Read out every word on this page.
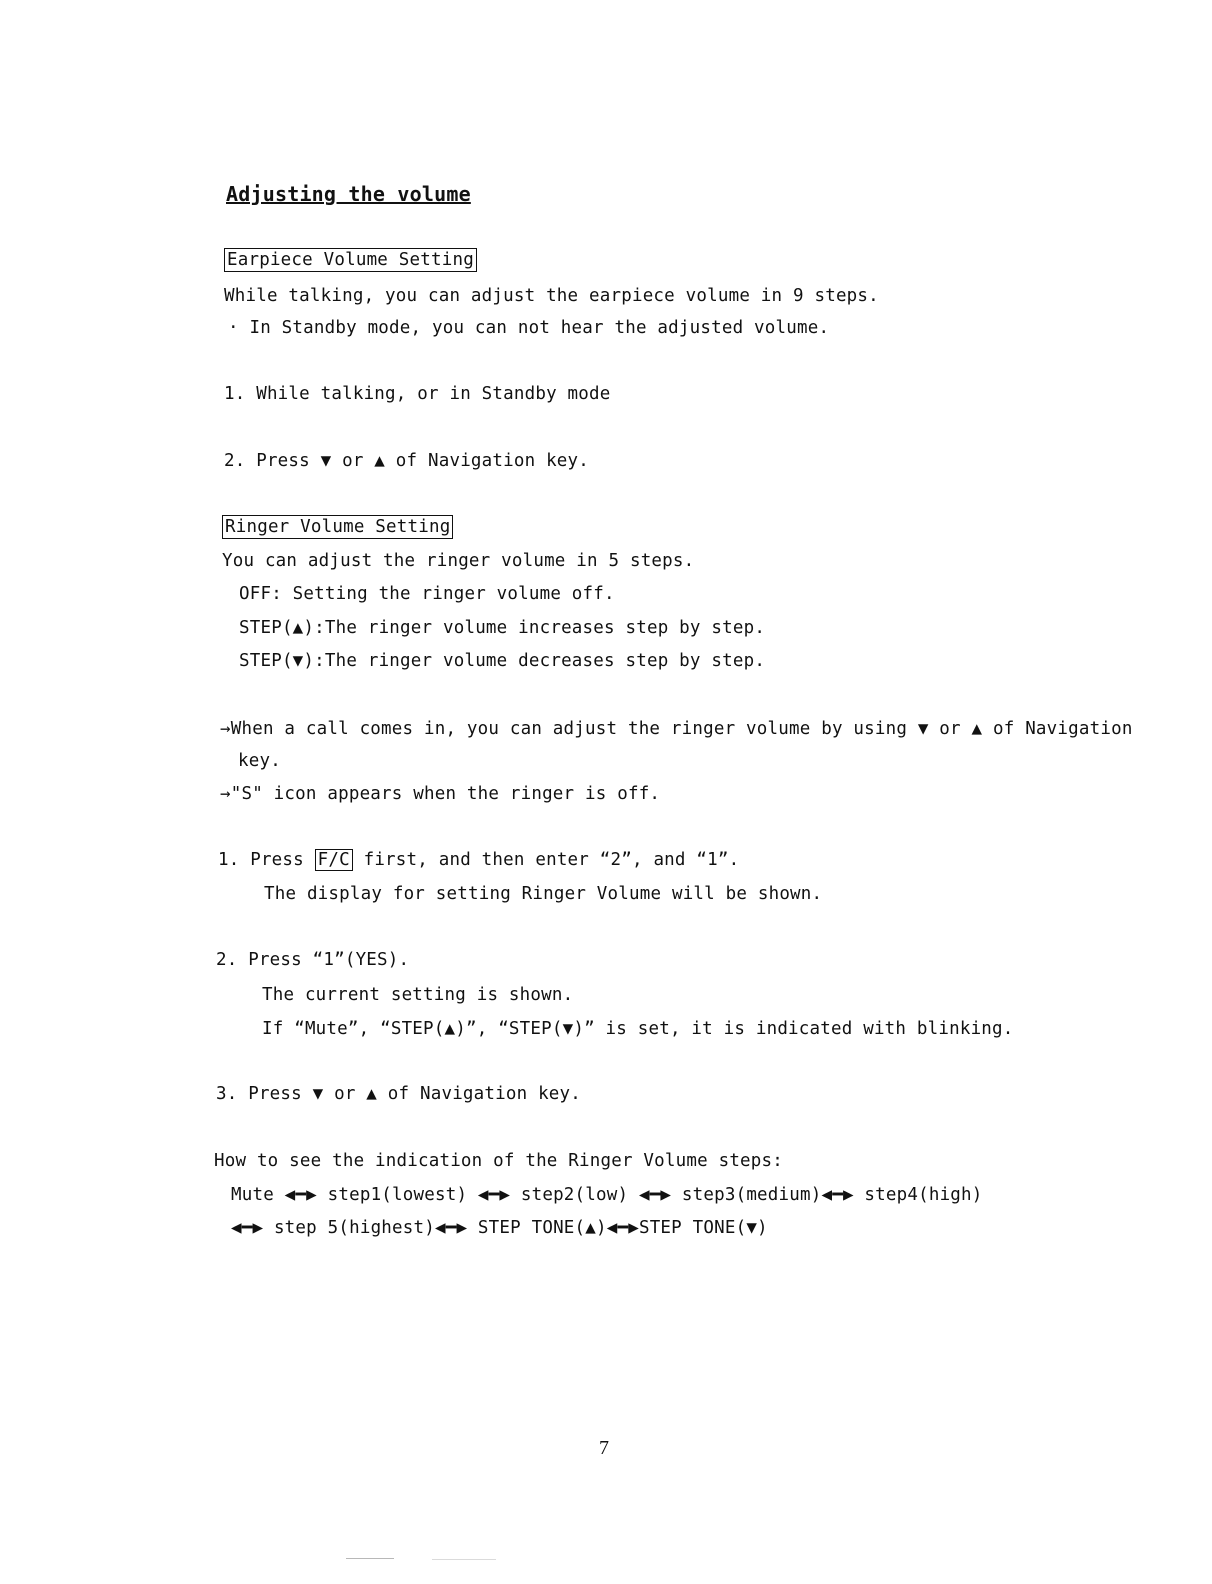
Adjusting the volume
Earpiece Volume Setting
While talking, you can adjust the earpiece volume in 9 steps.
· In Standby mode, you can not hear the adjusted volume.
1. While talking, or in Standby mode
2. Press ▼ or ▲ of Navigation key.
Ringer Volume Setting
You can adjust the ringer volume in 5 steps.
OFF: Setting the ringer volume off.
STEP(▲):The ringer volume increases step by step.
STEP(▼):The ringer volume decreases step by step.
→When a call comes in, you can adjust the ringer volume by using ▼ or ▲ of Navigation
key.
→"S" icon appears when the ringer is off.
1. Press F/C first, and then enter “2”, and “1”.
The display for setting Ringer Volume will be shown.
2. Press “1”(YES).
The current setting is shown.
If “Mute”, “STEP(▲)”, “STEP(▼)” is set, it is indicated with blinking.
3. Press ▼ or ▲ of Navigation key.
How to see the indication of the Ringer Volume steps:
Mute ◀━▶ step1(lowest) ◀━▶ step2(low) ◀━▶ step3(medium)◀━▶ step4(high)
◀━▶ step 5(highest)◀━▶ STEP TONE(▲)◀━▶STEP TONE(▼)
7
